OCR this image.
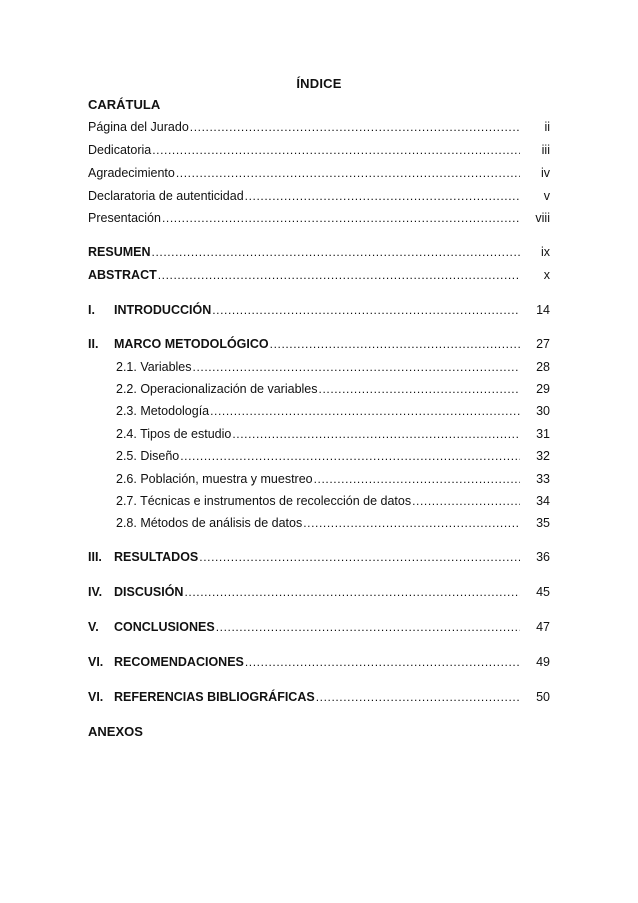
ÍNDICE
CARÁTULA
Página del Jurado .....	ii
Dedicatoria .....	iii
Agradecimiento .....	iv
Declaratoria de autenticidad .....	v
Presentación .....	viii
RESUMEN .....	ix
ABSTRACT .....	x
I.	INTRODUCCIÓN .....	14
II.	MARCO METODOLÓGICO .....	27
2.1. Variables .....	28
2.2. Operacionalización de variables .....	29
2.3. Metodología .....	30
2.4. Tipos de estudio .....	31
2.5. Diseño .....	32
2.6. Población, muestra y muestreo .....	33
2.7. Técnicas e instrumentos de recolección de datos .....	34
2.8. Métodos de análisis de datos .....	35
III. RESULTADOS .....	36
IV. DISCUSIÓN .....	45
V.	CONCLUSIONES .....	47
VI. RECOMENDACIONES .....	49
VI. REFERENCIAS BIBLIOGRÁFICAS .....	50
ANEXOS
